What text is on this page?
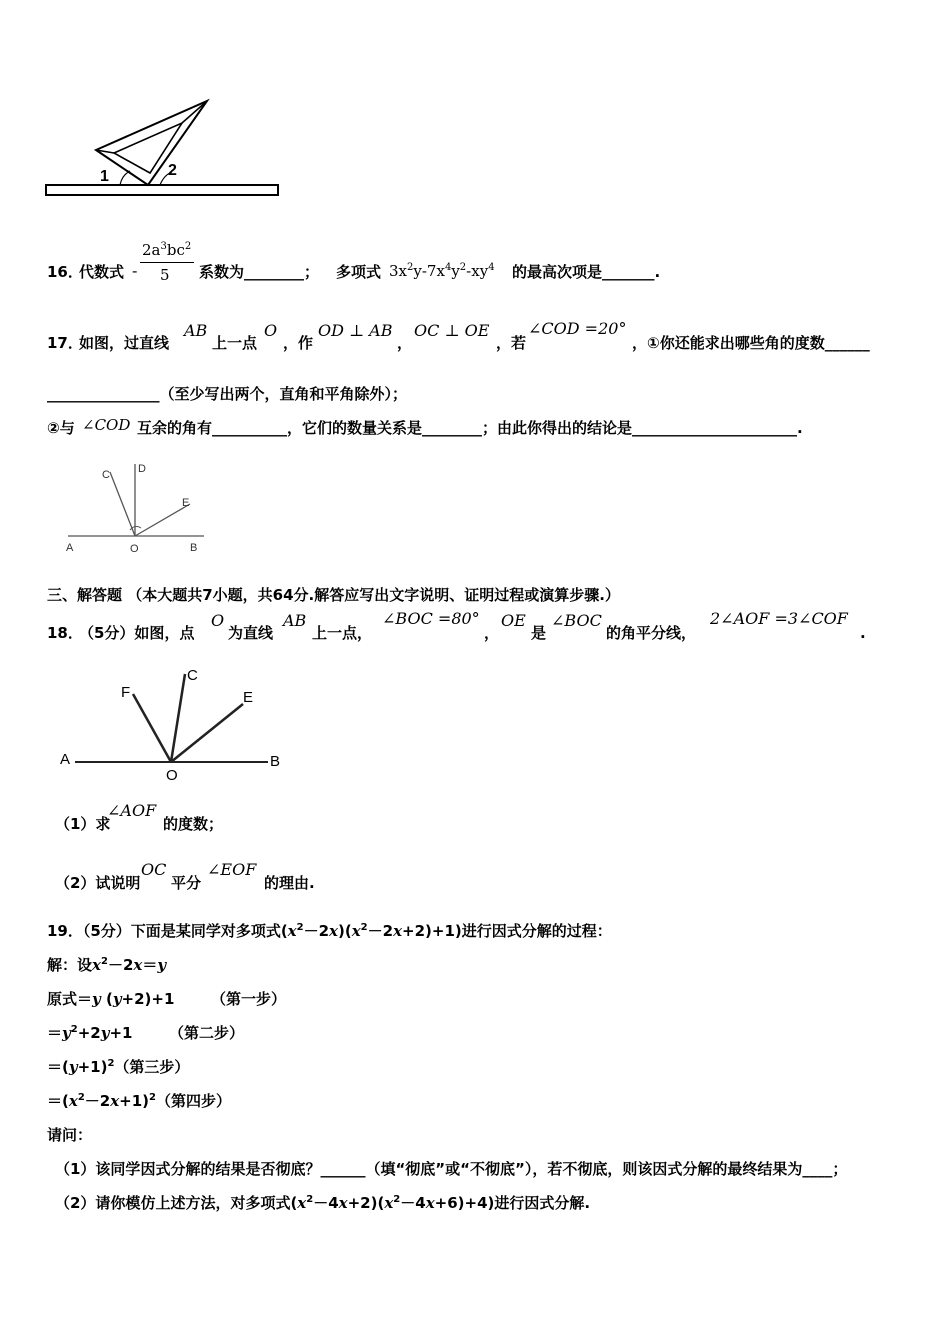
1	2
16．
代数式 -
$2a^3bc^2$
5 系数为________； 多项式 $3x^2y-7x^4y^2-xy^4$ 的最高次项是_______.
17．
如图，过直线
AB
上一点
O
，作
OD ⊥ AB
，
OC ⊥ OE
，若
∠COD =20°
，①你还能求出哪些角的度数______
_______________（至少写出两个，直角和平角除外）；
②与 ∠COD 互余的角有__________，它们的数量关系是________；由此你得出的结论是______________________.
A	O	B
C	D
E
三、解答题 （本大题共7小题，共64分.解答应写出文字说明、证明过程或演算步骤.）
18．
（5分）如图，点
O
为直线
AB
上一点，
∠BOC =80°
，
OE
是
∠BOC
的角平分线，
2∠AOF =3∠COF
.
F
C
E
A
O
B
（1）求
∠AOF
的度数；
（2）试说明
OC
平分
∠EOF
的理由.
19．（5分）下面是某同学对多项式$(x^2-2x)(x^2-2x+2)+1$)进行因式分解的过程：
解：设$x^2-2x=y$
原式＝y (y+2)+1       （第一步）
$=y^2+2y+1$       （第二步）
$=(y+1)^2$（第三步）
$=(x^2-2x+1)^2$（第四步）
请问：
（1）该同学因式分解的结果是否彻底？______（填“彻底”或“不彻底”），若不彻底，则该因式分解的最终结果为____；
（2）请你模仿上述方法，对多项式$(x^2-4x+2)(x^2-4x+6)+4$)进行因式分解.
